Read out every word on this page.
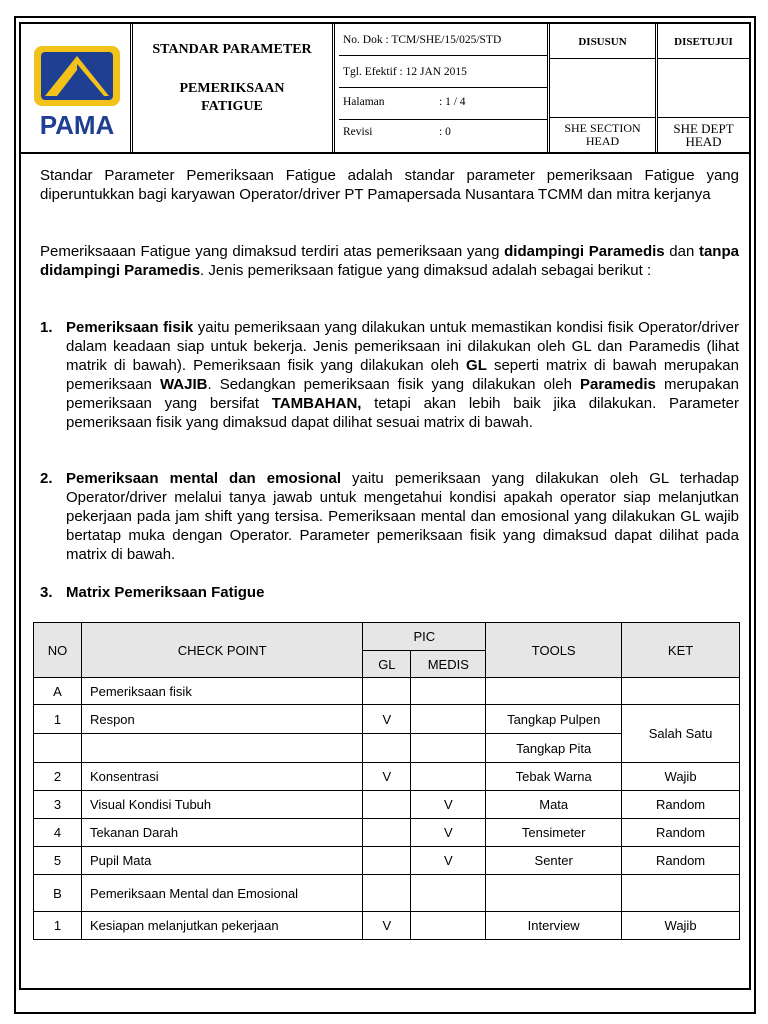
PAMA
STANDAR PARAMETER
PEMERIKSAAN
FATIGUE
No. Dok : TCM/SHE/15/025/STD
Tgl. Efektif : 12 JAN 2015
Halaman	: 1 / 4
Revisi	: 0
DISUSUN
SHE SECTION
HEAD
DISETUJUI
SHE DEPT
HEAD
Standar Parameter Pemeriksaan Fatigue adalah standar parameter pemeriksaan Fatigue yang diperuntukkan bagi karyawan Operator/driver PT Pamapersada Nusantara TCMM dan mitra kerjanya
Pemeriksaaan Fatigue yang dimaksud terdiri atas pemeriksaan yang didampingi Paramedis dan tanpa didampingi Paramedis. Jenis pemeriksaan fatigue yang dimaksud adalah sebagai berikut :
1. Pemeriksaan fisik yaitu pemeriksaan yang dilakukan untuk memastikan kondisi fisik Operator/driver dalam keadaan siap untuk bekerja. Jenis pemeriksaan ini dilakukan oleh GL dan Paramedis (lihat matrik di bawah). Pemeriksaan fisik yang dilakukan oleh GL seperti matrix di bawah merupakan pemeriksaan WAJIB. Sedangkan pemeriksaan fisik yang dilakukan oleh Paramedis merupakan pemeriksaan yang bersifat TAMBAHAN, tetapi akan lebih baik jika dilakukan. Parameter pemeriksaan fisik yang dimaksud dapat dilihat sesuai matrix di bawah.
2. Pemeriksaan mental dan emosional yaitu pemeriksaan yang dilakukan oleh GL terhadap Operator/driver melalui tanya jawab untuk mengetahui kondisi apakah operator siap melanjutkan pekerjaan pada jam shift yang tersisa. Pemeriksaan mental dan emosional yang dilakukan GL wajib bertatap muka dengan Operator. Parameter pemeriksaan fisik yang dimaksud dapat dilihat pada matrix di bawah.
3. Matrix Pemeriksaan Fatigue
NO	CHECK POINT	PIC		TOOLS	KET
		GL	MEDIS		
A	Pemeriksaan fisik				
1	Respon	V		Tangkap Pulpen	Salah Satu
				Tangkap Pita	
2	Konsentrasi	V		Tebak Warna	Wajib
3	Visual Kondisi Tubuh		V	Mata	Random
4	Tekanan Darah		V	Tensimeter	Random
5	Pupil Mata		V	Senter	Random
B	Pemeriksaan Mental dan Emosional				
1	Kesiapan melanjutkan pekerjaan	V		Interview	Wajib
